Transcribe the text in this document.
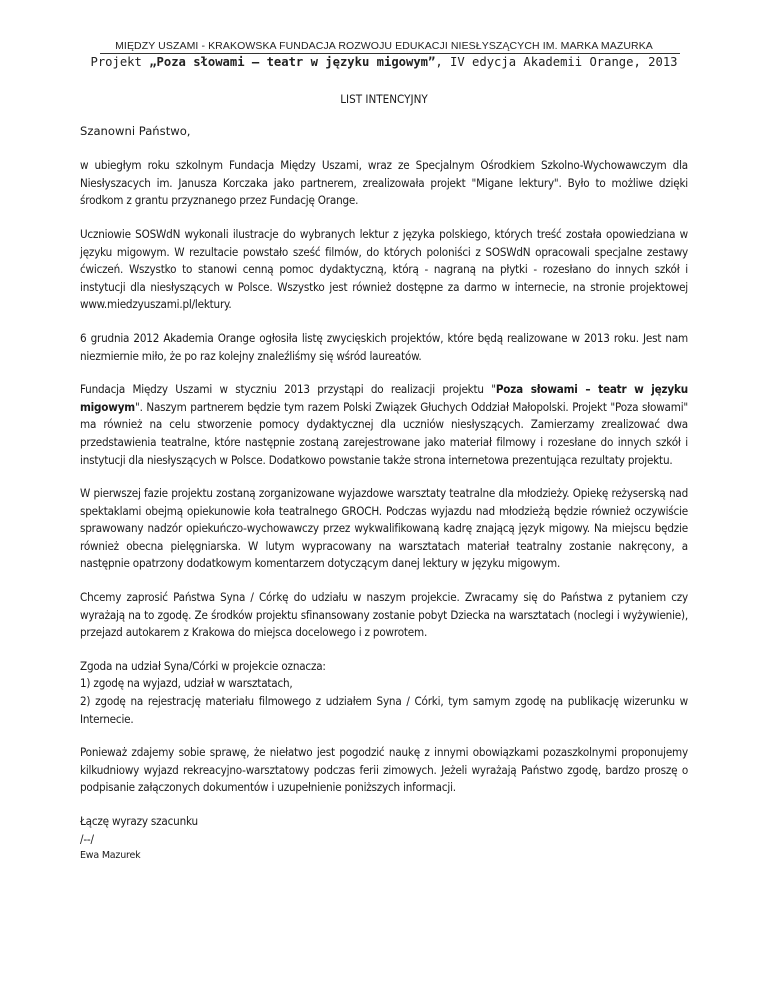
MIĘDZY USZAMI - KRAKOWSKA FUNDACJA ROZWOJU EDUKACJI NIESŁYSZĄCYCH IM. MARKA MAZURKA
Projekt „Poza słowami – teatr w języku migowym”, IV edycja Akademii Orange, 2013
LIST INTENCYJNY
Szanowni Państwo,
w ubiegłym roku szkolnym Fundacja Między Uszami, wraz ze Specjalnym Ośrodkiem Szkolno-Wychowawczym dla Niesłyszacych im. Janusza Korczaka jako partnerem, zrealizowała projekt "Migane lektury". Było to możliwe dzięki środkom z grantu przyznanego przez Fundację Orange.
Uczniowie SOSWdN wykonali ilustracje do wybranych lektur z języka polskiego, których treść została opowiedziana w języku migowym. W rezultacie powstało sześć filmów, do których poloniści z SOSWdN opracowali specjalne zestawy ćwiczeń. Wszystko to stanowi cenną pomoc dydaktyczną, którą - nagraną na płytki - rozesłano do innych szkół i instytucji dla niesłyszących w Polsce. Wszystko jest również dostępne za darmo w internecie, na stronie projektowej www.miedzyuszami.pl/lektury.
6 grudnia 2012 Akademia Orange ogłosiła listę zwycięskich projektów, które będą realizowane w 2013 roku. Jest nam niezmiernie miło, że po raz kolejny znaleźliśmy się wśród laureatów.
Fundacja Między Uszami w styczniu 2013 przystąpi do realizacji projektu "Poza słowami – teatr w języku migowym". Naszym partnerem będzie tym razem Polski Związek Głuchych Oddział Małopolski. Projekt "Poza słowami" ma również na celu stworzenie pomocy dydaktycznej dla uczniów niesłyszących. Zamierzamy zrealizować dwa przedstawienia teatralne, które następnie zostaną zarejestrowane jako materiał filmowy i rozesłane do innych szkół i instytucji dla niesłyszących w Polsce. Dodatkowo powstanie także strona internetowa prezentująca rezultaty projektu.
W pierwszej fazie projektu zostaną zorganizowane wyjazdowe warsztaty teatralne dla młodzieży. Opiekę reżyserską nad spektaklami obejmą opiekunowie koła teatralnego GROCH. Podczas wyjazdu nad młodzieżą będzie również oczywiście sprawowany nadzór opiekuńczo-wychowawczy przez wykwalifikowaną kadrę znającą język migowy. Na miejscu będzie również obecna pielęgniarska. W lutym wypracowany na warsztatach materiał teatralny zostanie nakręcony, a następnie opatrzony dodatkowym komentarzem dotyczącym danej lektury w języku migowym.
Chcemy zaprosić Państwa Syna / Córkę do udziału w naszym projekcie. Zwracamy się do Państwa z pytaniem czy wyrażają na to zgodę. Ze środków projektu sfinansowany zostanie pobyt Dziecka na warsztatach (noclegi i wyżywienie), przejazd autokarem z Krakowa do miejsca docelowego i z powrotem.
Zgoda na udział Syna/Córki w projekcie oznacza:
1) zgodę na wyjazd, udział w warsztatach,
2) zgodę na rejestrację materiału filmowego z udziałem Syna / Córki, tym samym zgodę na publikację wizerunku w Internecie.
Ponieważ zdajemy sobie sprawę, że niełatwo jest pogodzić naukę z innymi obowiązkami pozaszkolnymi proponujemy kilkudniowy wyjazd rekreacyjno-warsztatowy podczas ferii zimowych. Jeżeli wyrażają Państwo zgodę, bardzo proszę o podpisanie załączonych dokumentów i uzupełnienie poniższych informacji.
Łączę wyrazy szacunku
/--/
Ewa Mazurek
